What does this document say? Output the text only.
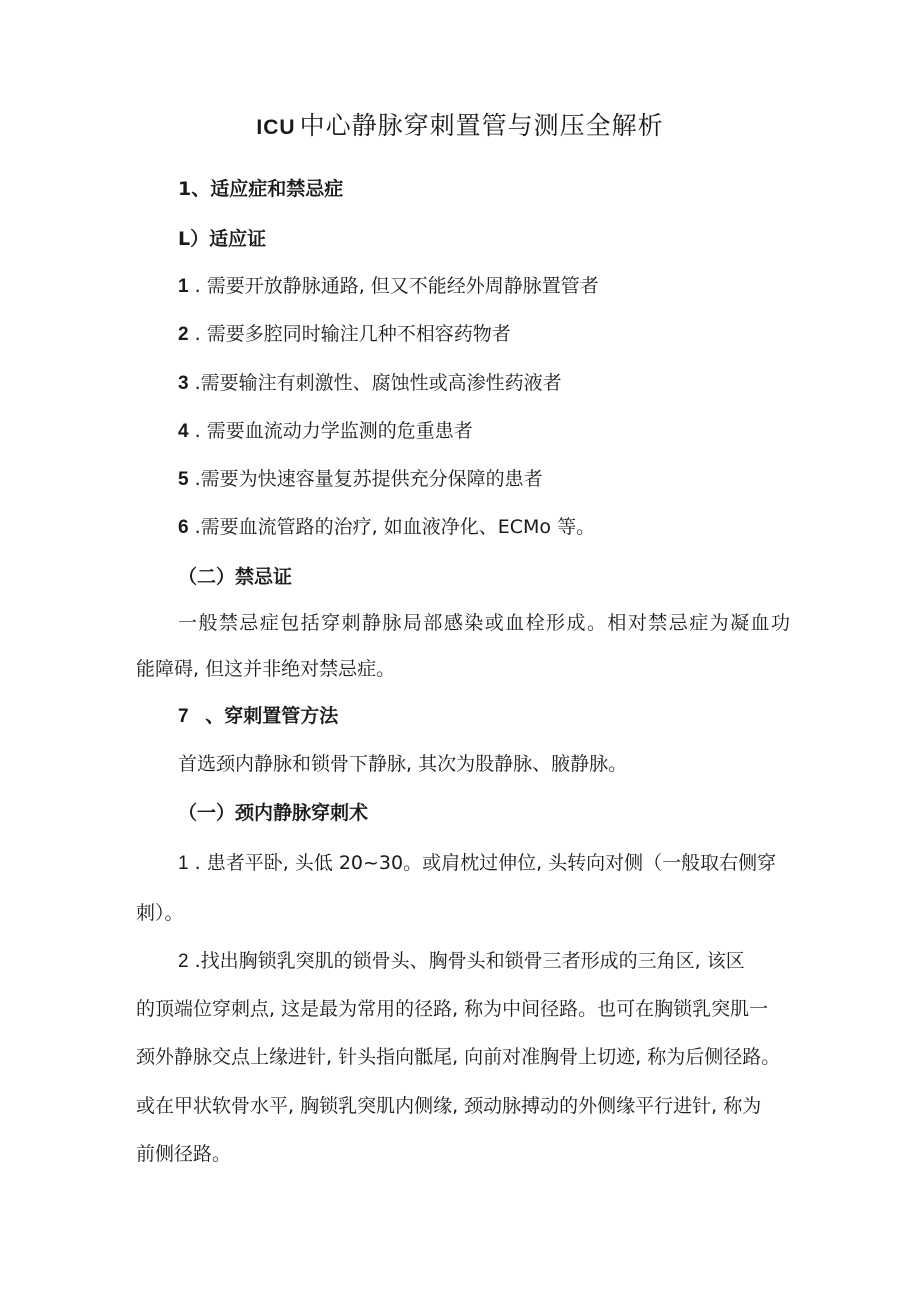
ICU 中心静脉穿刺置管与测压全解析
1、适应症和禁忌症
L）适应证
1 . 需要开放静脉通路, 但又不能经外周静脉置管者
2 . 需要多腔同时输注几种不相容药物者
3 .需要输注有刺激性、腐蚀性或高渗性药液者
4 . 需要血流动力学监测的危重患者
5 .需要为快速容量复苏提供充分保障的患者
6 .需要血流管路的治疗, 如血液净化、ECMo 等。
（二）禁忌证
一般禁忌症包括穿刺静脉局部感染或血栓形成。相对禁忌症为凝血功
能障碍, 但这并非绝对禁忌症。
7 、穿刺置管方法
首选颈内静脉和锁骨下静脉, 其次为股静脉、腋静脉。
（一）颈内静脉穿刺术
1 . 患者平卧, 头低 20~30。或肩枕过伸位, 头转向对侧（一般取右侧穿
刺）。
2 .找出胸锁乳突肌的锁骨头、胸骨头和锁骨三者形成的三角区, 该区
的顶端位穿刺点, 这是最为常用的径路, 称为中间径路。也可在胸锁乳突肌一
颈外静脉交点上缘进针, 针头指向骶尾, 向前对准胸骨上切迹, 称为后侧径路。
或在甲状软骨水平, 胸锁乳突肌内侧缘, 颈动脉搏动的外侧缘平行进针, 称为
前侧径路。
